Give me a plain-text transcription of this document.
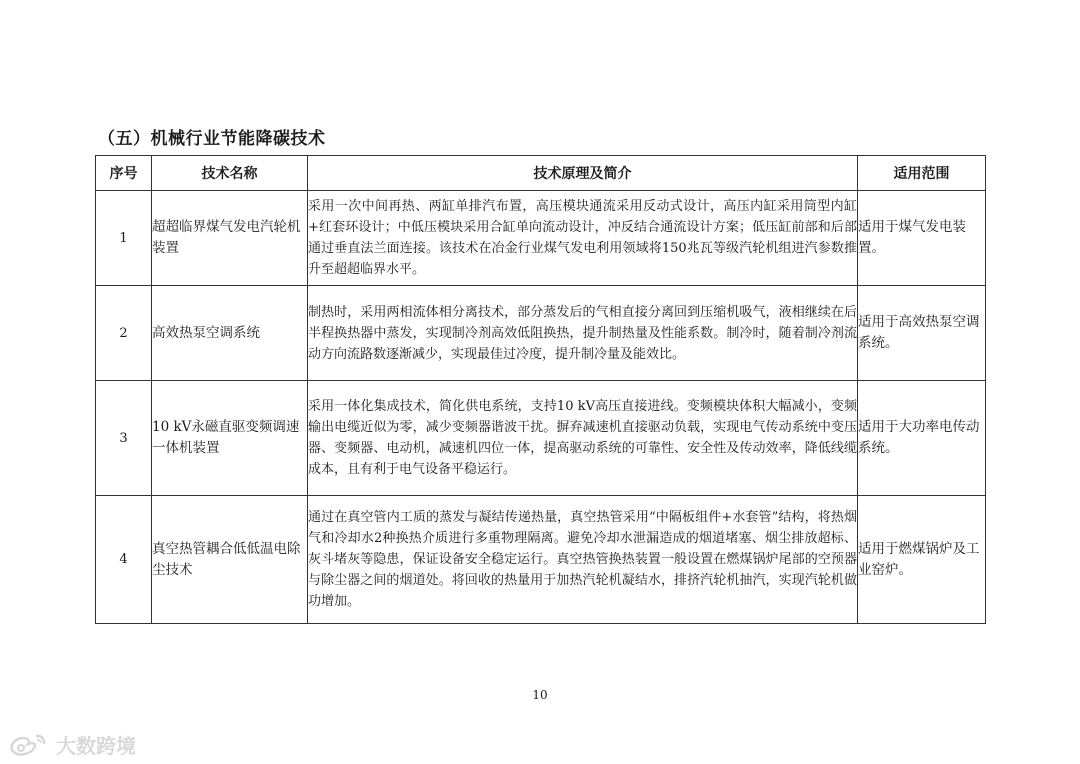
（五）机械行业节能降碳技术
序号	技术名称	技术原理及简介	适用范围
1	超超临界煤气发电汽轮机装置	采用一次中间再热、两缸单排汽布置，高压模块通流采用反动式设计，高压内缸采用筒型内缸+红套环设计；中低压模块采用合缸单向流动设计，冲反结合通流设计方案；低压缸前部和后部通过垂直法兰面连接。该技术在冶金行业煤气发电利用领域将150兆瓦等级汽轮机组进汽参数推升至超超临界水平。	适用于煤气发电装置。
2	高效热泵空调系统	制热时，采用两相流体相分离技术，部分蒸发后的气相直接分离回到压缩机吸气，液相继续在后半程换热器中蒸发，实现制冷剂高效低阻换热，提升制热量及性能系数。制冷时，随着制冷剂流动方向流路数逐渐减少，实现最佳过冷度，提升制冷量及能效比。	适用于高效热泵空调系统。
3	10 kV永磁直驱变频调速一体机装置	采用一体化集成技术，简化供电系统，支持10 kV高压直接进线。变频模块体积大幅减小，变频输出电缆近似为零，减少变频器谐波干扰。摒弃减速机直接驱动负载，实现电气传动系统中变压器、变频器、电动机，减速机四位一体，提高驱动系统的可靠性、安全性及传动效率，降低线缆成本，且有利于电气设备平稳运行。	适用于大功率电传动系统。
4	真空热管耦合低低温电除尘技术	通过在真空管内工质的蒸发与凝结传递热量，真空热管采用“中隔板组件+水套管”结构，将热烟气和冷却水2种换热介质进行多重物理隔离。避免冷却水泄漏造成的烟道堵塞、烟尘排放超标、灰斗堵灰等隐患，保证设备安全稳定运行。真空热管换热装置一般设置在燃煤锅炉尾部的空预器与除尘器之间的烟道处。将回收的热量用于加热汽轮机凝结水，排挤汽轮机抽汽，实现汽轮机做功增加。	适用于燃煤锅炉及工业窑炉。
10
大数跨境
